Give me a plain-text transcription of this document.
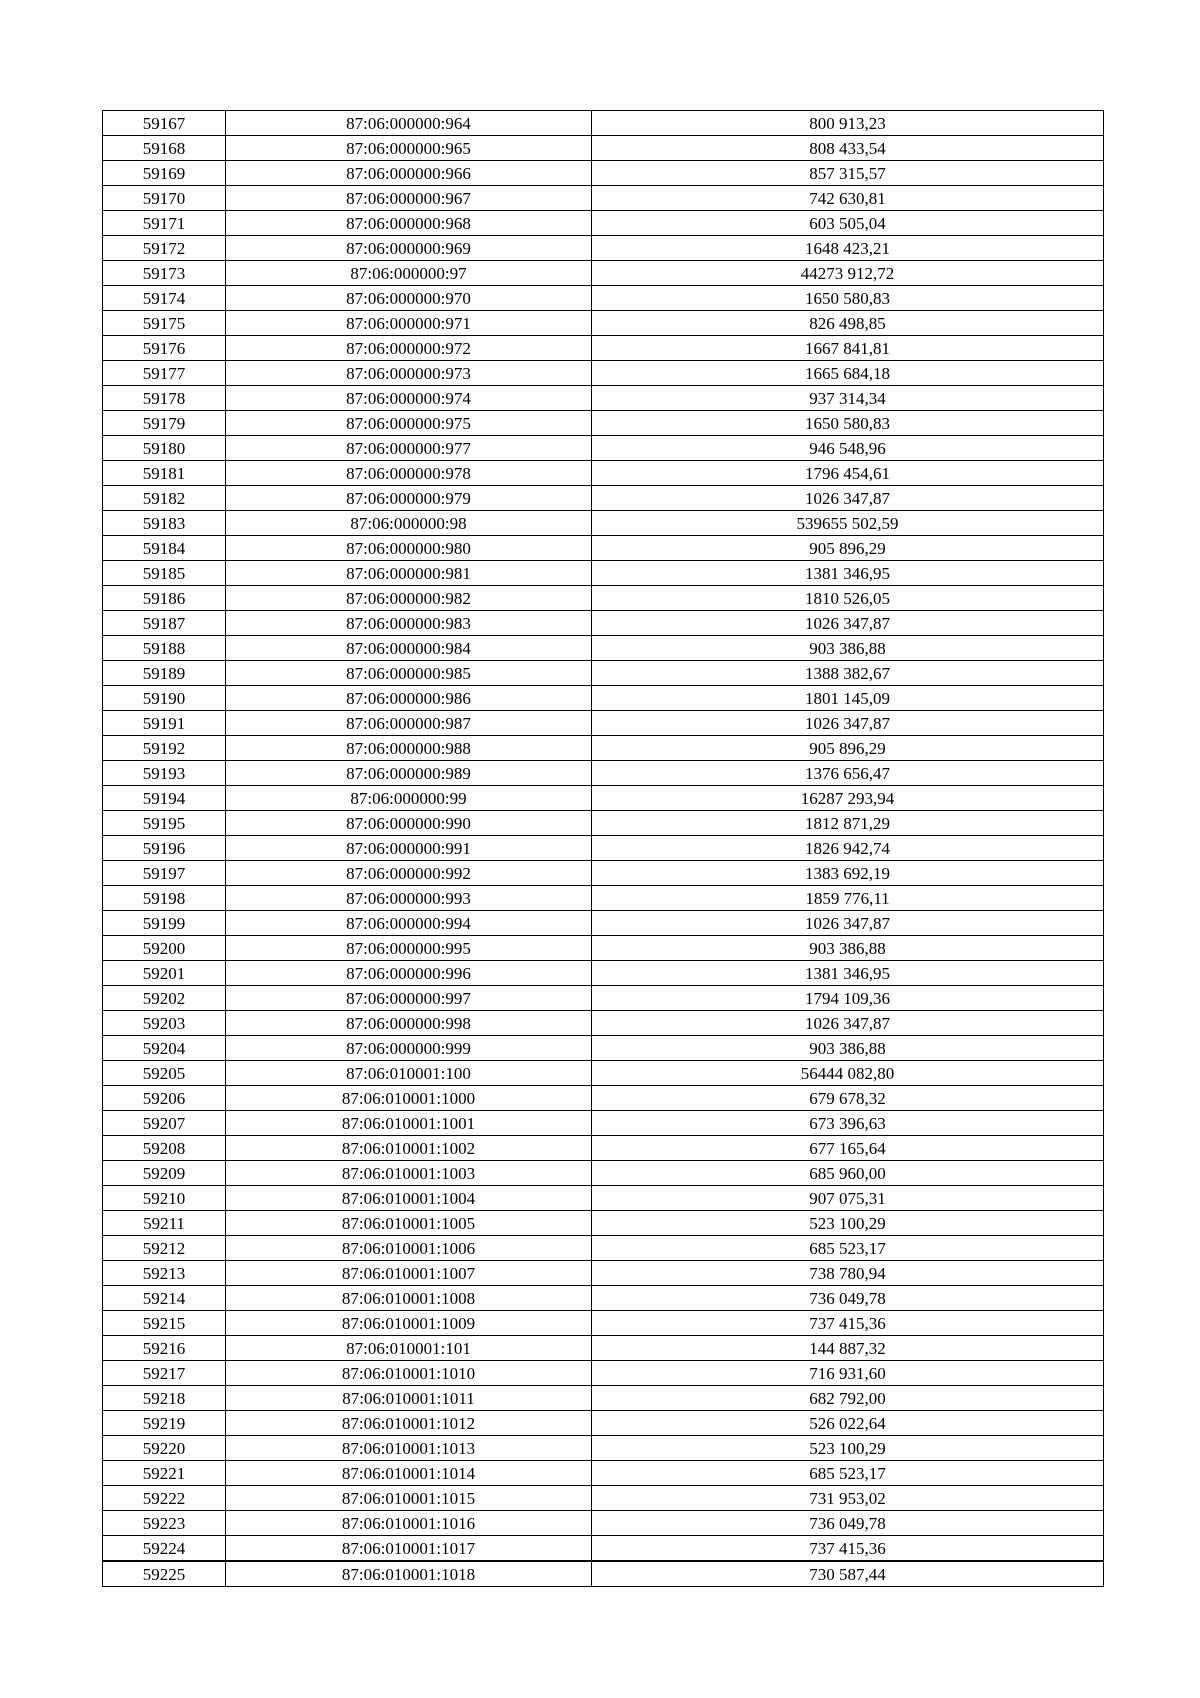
59167	87:06:000000:964	800 913,23
59168	87:06:000000:965	808 433,54
59169	87:06:000000:966	857 315,57
59170	87:06:000000:967	742 630,81
59171	87:06:000000:968	603 505,04
59172	87:06:000000:969	1648 423,21
59173	87:06:000000:97	44273 912,72
59174	87:06:000000:970	1650 580,83
59175	87:06:000000:971	826 498,85
59176	87:06:000000:972	1667 841,81
59177	87:06:000000:973	1665 684,18
59178	87:06:000000:974	937 314,34
59179	87:06:000000:975	1650 580,83
59180	87:06:000000:977	946 548,96
59181	87:06:000000:978	1796 454,61
59182	87:06:000000:979	1026 347,87
59183	87:06:000000:98	539655 502,59
59184	87:06:000000:980	905 896,29
59185	87:06:000000:981	1381 346,95
59186	87:06:000000:982	1810 526,05
59187	87:06:000000:983	1026 347,87
59188	87:06:000000:984	903 386,88
59189	87:06:000000:985	1388 382,67
59190	87:06:000000:986	1801 145,09
59191	87:06:000000:987	1026 347,87
59192	87:06:000000:988	905 896,29
59193	87:06:000000:989	1376 656,47
59194	87:06:000000:99	16287 293,94
59195	87:06:000000:990	1812 871,29
59196	87:06:000000:991	1826 942,74
59197	87:06:000000:992	1383 692,19
59198	87:06:000000:993	1859 776,11
59199	87:06:000000:994	1026 347,87
59200	87:06:000000:995	903 386,88
59201	87:06:000000:996	1381 346,95
59202	87:06:000000:997	1794 109,36
59203	87:06:000000:998	1026 347,87
59204	87:06:000000:999	903 386,88
59205	87:06:010001:100	56444 082,80
59206	87:06:010001:1000	679 678,32
59207	87:06:010001:1001	673 396,63
59208	87:06:010001:1002	677 165,64
59209	87:06:010001:1003	685 960,00
59210	87:06:010001:1004	907 075,31
59211	87:06:010001:1005	523 100,29
59212	87:06:010001:1006	685 523,17
59213	87:06:010001:1007	738 780,94
59214	87:06:010001:1008	736 049,78
59215	87:06:010001:1009	737 415,36
59216	87:06:010001:101	144 887,32
59217	87:06:010001:1010	716 931,60
59218	87:06:010001:1011	682 792,00
59219	87:06:010001:1012	526 022,64
59220	87:06:010001:1013	523 100,29
59221	87:06:010001:1014	685 523,17
59222	87:06:010001:1015	731 953,02
59223	87:06:010001:1016	736 049,78
59224	87:06:010001:1017	737 415,36
59225	87:06:010001:1018	730 587,44
